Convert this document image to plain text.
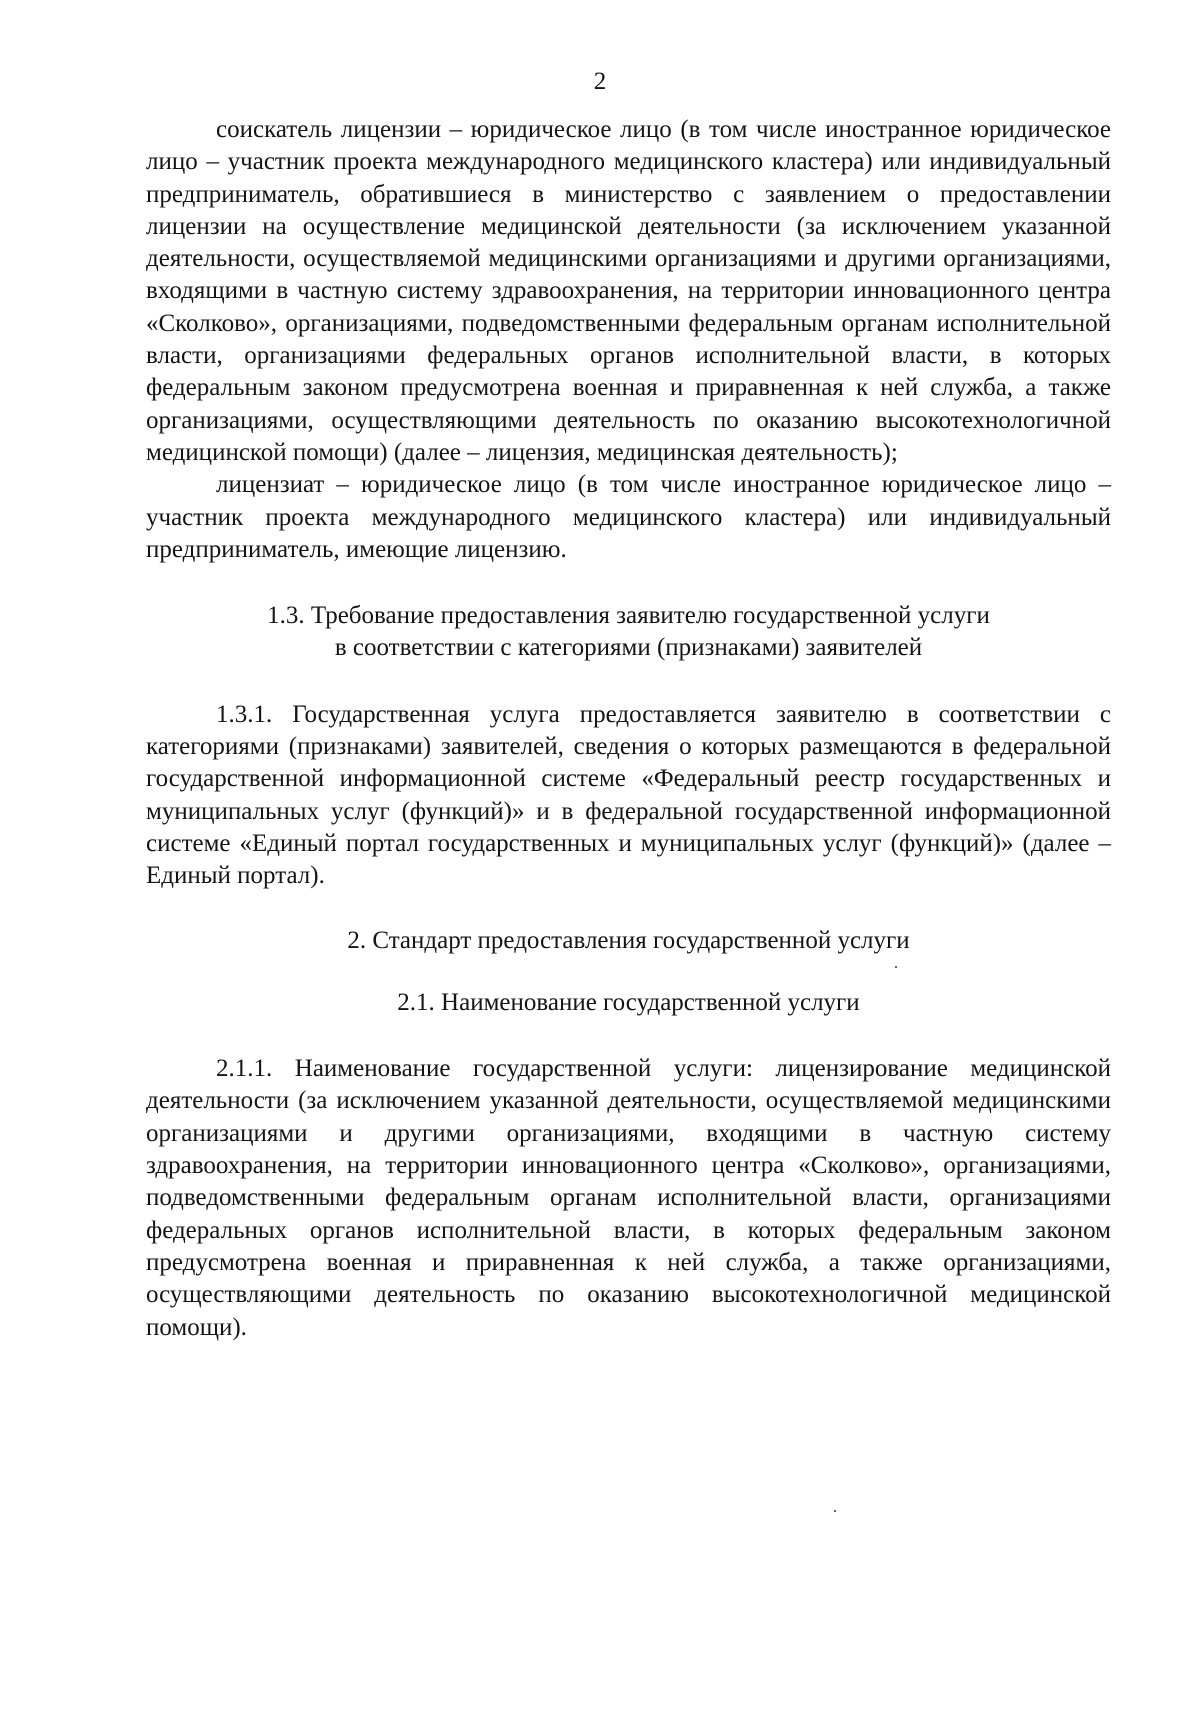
2

соискатель лицензии – юридическое лицо (в том числе иностранное юридическое лицо – участник проекта международного медицинского кластера) или индивидуальный предприниматель, обратившиеся в министерство с заявлением о предоставлении лицензии на осуществление медицинской деятельности (за исключением указанной деятельности, осуществляемой медицинскими организациями и другими организациями, входящими в частную систему здравоохранения, на территории инновационного центра «Сколково», организациями, подведомственными федеральным органам исполнительной власти, организациями федеральных органов исполнительной власти, в которых федеральным законом предусмотрена военная и приравненная к ней служба, а также организациями, осуществляющими деятельность по оказанию высокотехнологичной медицинской помощи) (далее – лицензия, медицинская деятельность);

лицензиат – юридическое лицо (в том числе иностранное юридическое лицо – участник проекта международного медицинского кластера) или индивидуальный предприниматель, имеющие лицензию.

1.3. Требование предоставления заявителю государственной услуги

в соответствии с категориями (признаками) заявителей

1.3.1. Государственная услуга предоставляется заявителю в соответствии с категориями (признаками) заявителей, сведения о которых размещаются в федеральной государственной информационной системе «Федеральный реестр государственных и муниципальных услуг (функций)» и в федеральной государственной информационной системе «Единый портал государственных и муниципальных услуг (функций)» (далее – Единый портал).

2. Стандарт предоставления государственной услуги

2.1. Наименование государственной услуги

2.1.1. Наименование государственной услуги: лицензирование медицинской деятельности (за исключением указанной деятельности, осуществляемой медицинскими организациями и другими организациями, входящими в частную систему здравоохранения, на территории инновационного центра «Сколково», организациями, подведомственными федеральным органам исполнительной власти, организациями федеральных органов исполнительной власти, в которых федеральным законом предусмотрена военная и приравненная к ней служба, а также организациями, осуществляющими деятельность по оказанию высокотехнологичной медицинской помощи).
